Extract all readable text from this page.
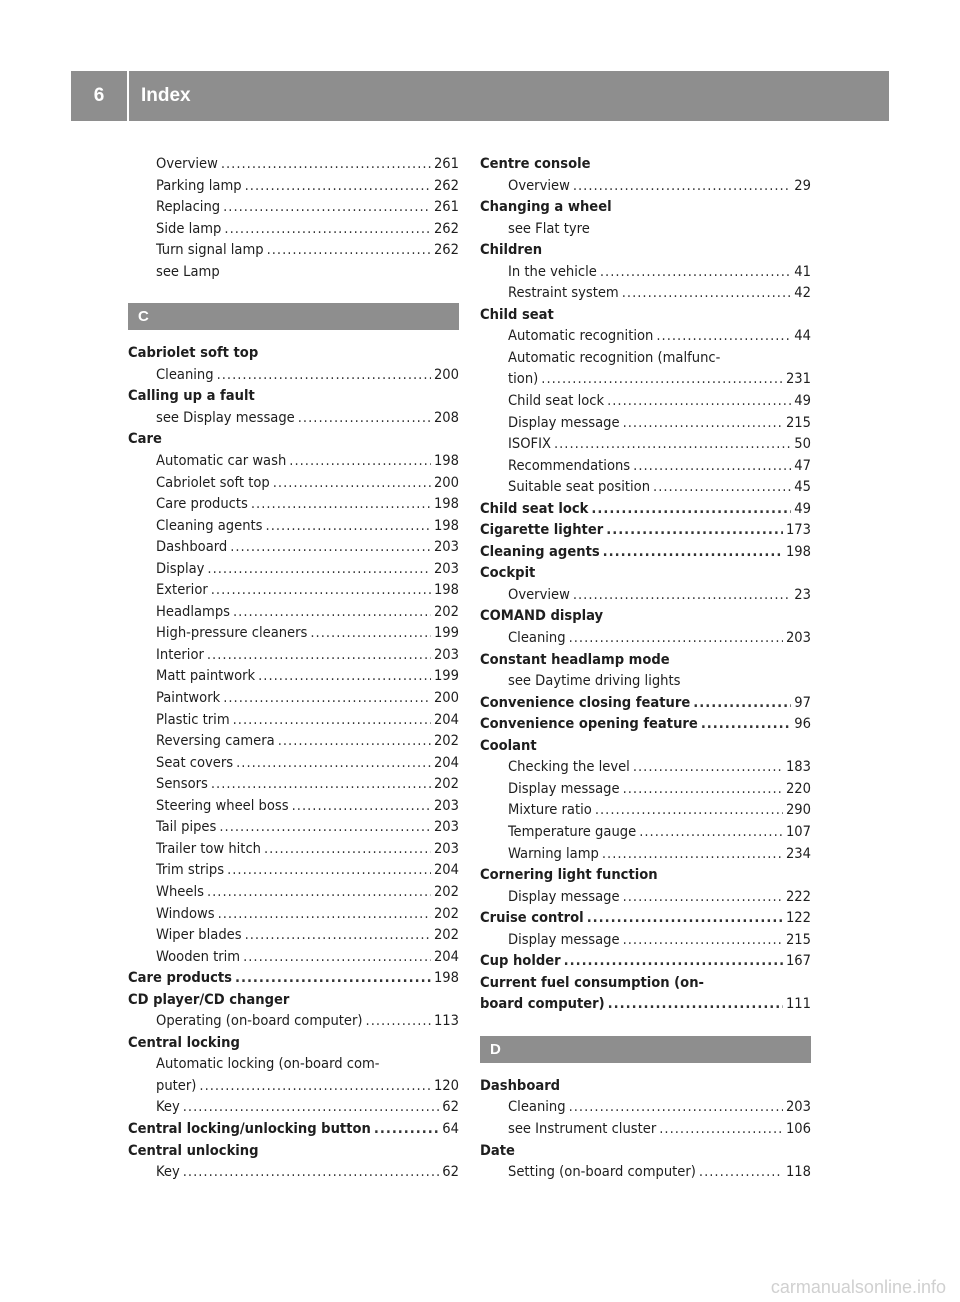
6	Index
Overview .....	261
Parking lamp .....	262
Replacing .....	261
Side lamp .....	262
Turn signal lamp .....	262
see Lamp
C
Cabriolet soft top
Cleaning .....	200
Calling up a fault
see Display message .....	208
Care
Automatic car wash .....	198
Cabriolet soft top .....	200
Care products .....	198
Cleaning agents .....	198
Dashboard .....	203
Display .....	203
Exterior .....	198
Headlamps .....	202
High-pressure cleaners .....	199
Interior .....	203
Matt paintwork .....	199
Paintwork .....	200
Plastic trim .....	204
Reversing camera .....	202
Seat covers .....	204
Sensors .....	202
Steering wheel boss .....	203
Tail pipes .....	203
Trailer tow hitch .....	203
Trim strips .....	204
Wheels .....	202
Windows .....	202
Wiper blades .....	202
Wooden trim .....	204
Care products .....	198
CD player/CD changer
Operating (on-board computer) .....	113
Central locking
Automatic locking (on-board com-
puter) .....	120
Key .....	62
Central locking/unlocking button .....	64
Central unlocking
Key .....	62
Centre console
Overview .....	29
Changing a wheel
see Flat tyre
Children
In the vehicle .....	41
Restraint system .....	42
Child seat
Automatic recognition .....	44
Automatic recognition (malfunc-
tion) .....	231
Child seat lock .....	49
Display message .....	215
ISOFIX .....	50
Recommendations .....	47
Suitable seat position .....	45
Child seat lock .....	49
Cigarette lighter .....	173
Cleaning agents .....	198
Cockpit
Overview .....	23
COMAND display
Cleaning .....	203
Constant headlamp mode
see Daytime driving lights
Convenience closing feature .....	97
Convenience opening feature .....	96
Coolant
Checking the level .....	183
Display message .....	220
Mixture ratio .....	290
Temperature gauge .....	107
Warning lamp .....	234
Cornering light function
Display message .....	222
Cruise control .....	122
Display message .....	215
Cup holder .....	167
Current fuel consumption (on-
board computer) .....	111
D
Dashboard
Cleaning .....	203
see Instrument cluster .....	106
Date
Setting (on-board computer) .....	118
carmanualsonline.info
